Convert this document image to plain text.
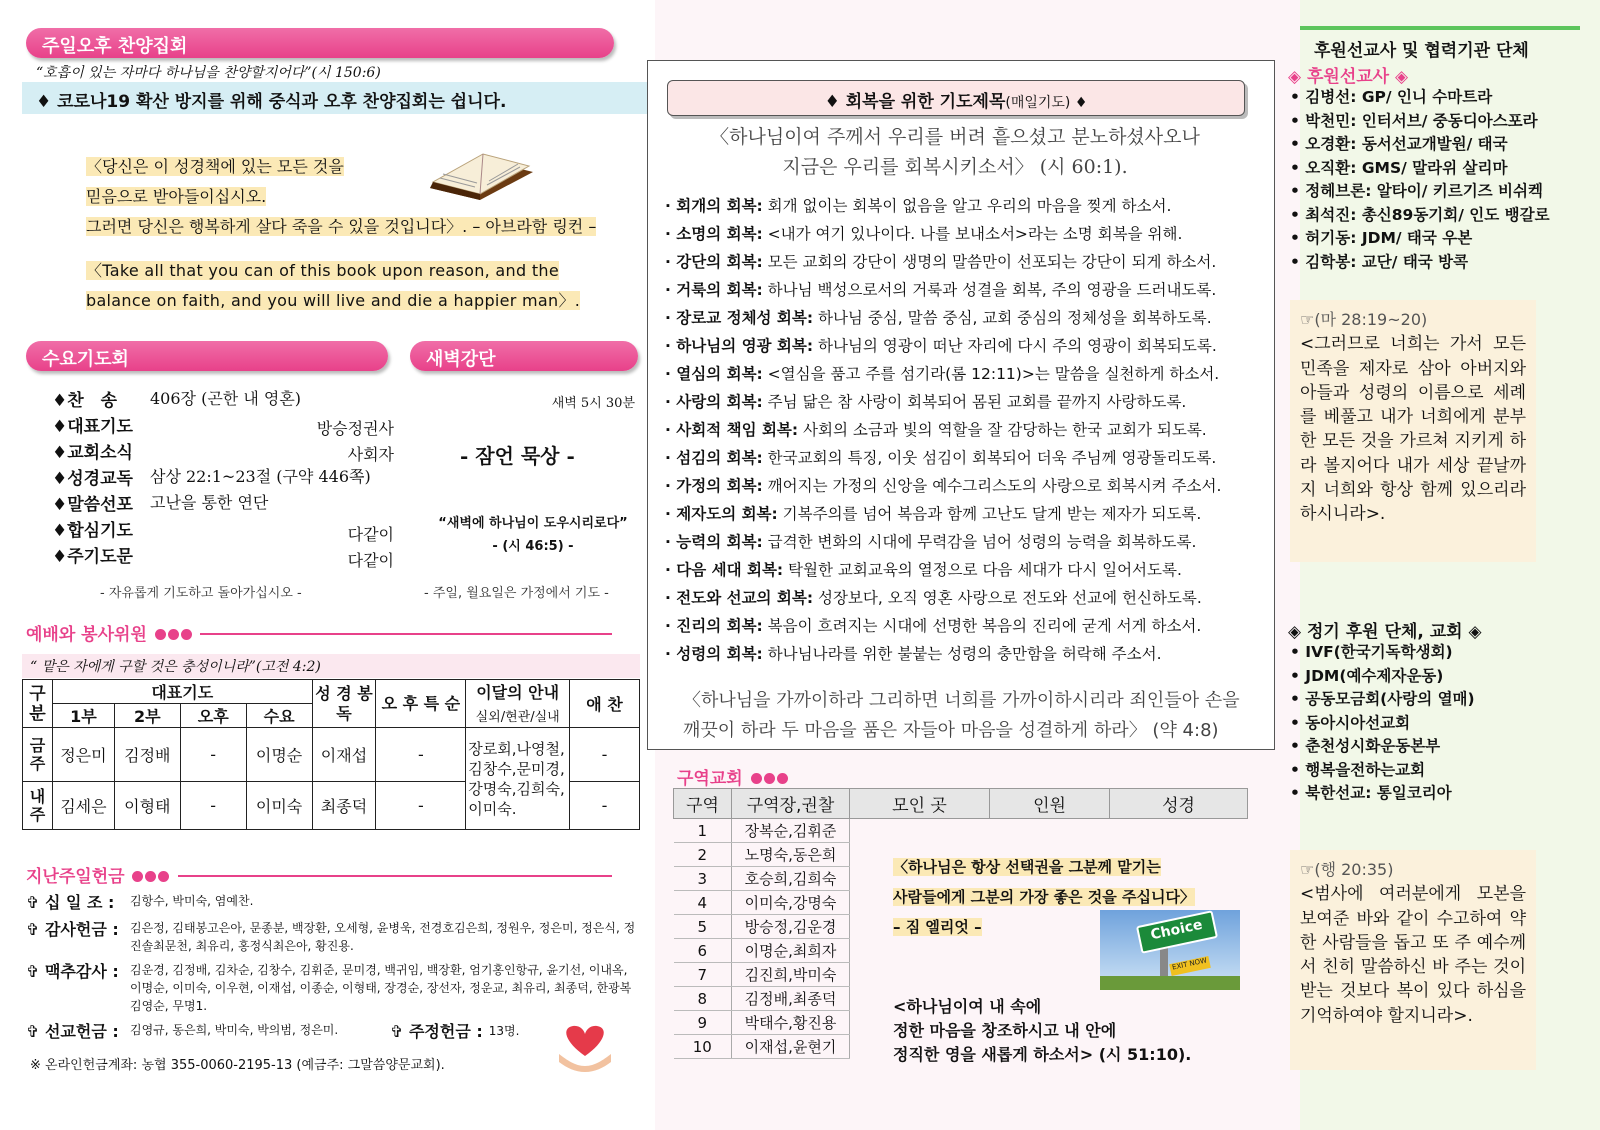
주일오후 찬양집회
“호흡이 있는 자마다 하나님을 찬양할지어다”(시 150:6)
♦ 코로나19 확산 방지를 위해 중식과 오후 찬양집회는 쉽니다.
〈당신은 이 성경책에 있는 모든 것을
믿음으로 받아들이십시오.
그러면 당신은 행복하게 살다 죽을 수 있을 것입니다〉. – 아브라함 링컨 –
〈Take all that you can of this book upon reason, and the
balance on faith, and you will live and die a happier man〉.
수요기도회	새벽강단
♦찬　송 406장 (곤한 내 영혼)
♦대표기도	방승정권사
♦교회소식	사회자
♦성경교독 삼상 22:1~23절 (구약 446쪽)
♦말씀선포 고난을 통한 연단
♦합심기도	다같이
♦주기도문	다같이
- 자유롭게 기도하고 돌아가십시오 -
새벽 5시 30분
- 잠언 묵상 -
“새벽에 하나님이 도우시리로다”
- (시 46:5) -
- 주일, 월요일은 가정에서 기도 -
예배와 봉사위원
“ 맡은 자에게 구할 것은 충성이니라”(고전 4:2)
구 분	대표기도				성 경 봉 독	오 후 특 순	이달의 안내	애 찬
	1부	2부	오후	수요			실외/현관/실내	
금 주	정은미	김정배	-	이명순	이재섭	-	장로회,나영철, 김창수,문미경, 강명숙,김희숙, 이미숙.	-
내 주	김세은	이형태	-	이미숙	최종덕	-		-
지난주일헌금
✞ 십 일 조 :	김항수, 박미숙, 염예찬.
✞ 감사헌금 : 김은정, 김태봉고은아, 문종분, 백장환, 오세형, 윤병욱, 전경호김은희, 정원우, 정은미, 정은식, 정진솔최문천, 최유리, 홍정식최은아, 황진용.
✞ 맥추감사 : 김운경, 김정배, 김차순, 김창수, 김휘준, 문미경, 백귀임, 백장환, 엄기홍인항규, 윤기선, 이내옥, 이명순, 이미숙, 이우현, 이재섭, 이종순, 이형태, 장경순, 장선자, 정운교, 최유리, 최종덕, 한광복김영순, 무명1.
✞ 선교헌금 : 김영규, 동은희, 박미숙, 박의범, 정은미.	✞ 주정헌금 : 13명.
※ 온라인헌금계좌: 농협 355-0060-2195-13 (예금주: 그말씀양문교회).
♦ 회복을 위한 기도제목(매일기도) ♦
〈하나님이여 주께서 우리를 버려 흩으셨고 분노하셨사오나
지금은 우리를 회복시키소서〉 (시 60:1).
· 회개의 회복: 회개 없이는 회복이 없음을 알고 우리의 마음을 찢게 하소서.
· 소명의 회복: <내가 여기 있나이다. 나를 보내소서>라는 소명 회복을 위해.
· 강단의 회복: 모든 교회의 강단이 생명의 말씀만이 선포되는 강단이 되게 하소서.
· 거룩의 회복: 하나님 백성으로서의 거룩과 성결을 회복, 주의 영광을 드러내도록.
· 장로교 정체성 회복: 하나님 중심, 말씀 중심, 교회 중심의 정체성을 회복하도록.
· 하나님의 영광 회복: 하나님의 영광이 떠난 자리에 다시 주의 영광이 회복되도록.
· 열심의 회복: <열심을 품고 주를 섬기라(롬 12:11)>는 말씀을 실천하게 하소서.
· 사랑의 회복: 주님 닮은 참 사랑이 회복되어 몸된 교회를 끝까지 사랑하도록.
· 사회적 책임 회복: 사회의 소금과 빛의 역할을 잘 감당하는 한국 교회가 되도록.
· 섬김의 회복: 한국교회의 특징, 이웃 섬김이 회복되어 더욱 주님께 영광돌리도록.
· 가정의 회복: 깨어지는 가정의 신앙을 예수그리스도의 사랑으로 회복시켜 주소서.
· 제자도의 회복: 기복주의를 넘어 복음과 함께 고난도 달게 받는 제자가 되도록.
· 능력의 회복: 급격한 변화의 시대에 무력감을 넘어 성령의 능력을 회복하도록.
· 다음 세대 회복: 탁월한 교회교육의 열정으로 다음 세대가 다시 일어서도록.
· 전도와 선교의 회복: 성장보다, 오직 영혼 사랑으로 전도와 선교에 헌신하도록.
· 진리의 회복: 복음이 흐려지는 시대에 선명한 복음의 진리에 굳게 서게 하소서.
· 성령의 회복: 하나님나라를 위한 불붙는 성령의 충만함을 허락해 주소서.
〈하나님을 가까이하라 그리하면 너희를 가까이하시리라 죄인들아 손을
깨끗이 하라 두 마음을 품은 자들아 마음을 성결하게 하라〉 (약 4:8)
구역교회
구역	구역장,권찰	모인 곳	인원	성경
1	장복순,김휘준			
2	노명숙,동은희			
3	호승희,김희숙			
4	이미숙,강명숙			
5	방승정,김운경			
6	이명순,최희자			
7	김진희,박미숙			
8	김정배,최종덕			
9	박태수,황진용			
10	이재섭,윤현기			
〈하나님은 항상 선택권을 그분께 맡기는
사람들에게 그분의 가장 좋은 것을 주십니다〉
– 짐 엘리엇 –	Choice
EXIT NOW
<하나님이여 내 속에
정한 마음을 창조하시고 내 안에
정직한 영을 새롭게 하소서> (시 51:10).
후원선교사 및 협력기관 단체
◈ 후원선교사 ◈
• 김병선: GP/ 인니 수마트라
• 박천민: 인터서브/ 중동디아스포라
• 오경환: 동서선교개발원/ 태국
• 오직환: GMS/ 말라위 살리마
• 정헤브론: 알타이/ 키르기즈 비쉬켁
• 최석진: 총신89동기회/ 인도 뱅갈로
• 허기동: JDM/ 태국 우본
• 김학봉: 교단/ 태국 방콕
☞(마 28:19~20)
<그러므로 너희는 가서 모든 민족을 제자로 삼아 아버지와 아들과 성령의 이름으로 세례를 베풀고 내가 너희에게 분부한 모든 것을 가르쳐 지키게 하라 볼지어다 내가 세상 끝날까지 너희와 항상 함께 있으리라 하시니라>.
◈ 정기 후원 단체, 교회 ◈
• IVF(한국기독학생회)
• JDM(예수제자운동)
• 공동모금회(사랑의 열매)
• 동아시아선교회
• 춘천성시화운동본부
• 행복을전하는교회
• 북한선교: 통일코리아
☞(행 20:35)
<범사에 여러분에게 모본을 보여준 바와 같이 수고하여 약한 사람들을 돕고 또 주 예수께서 친히 말씀하신 바 주는 것이 받는 것보다 복이 있다 하심을 기억하여야 할지니라>.
